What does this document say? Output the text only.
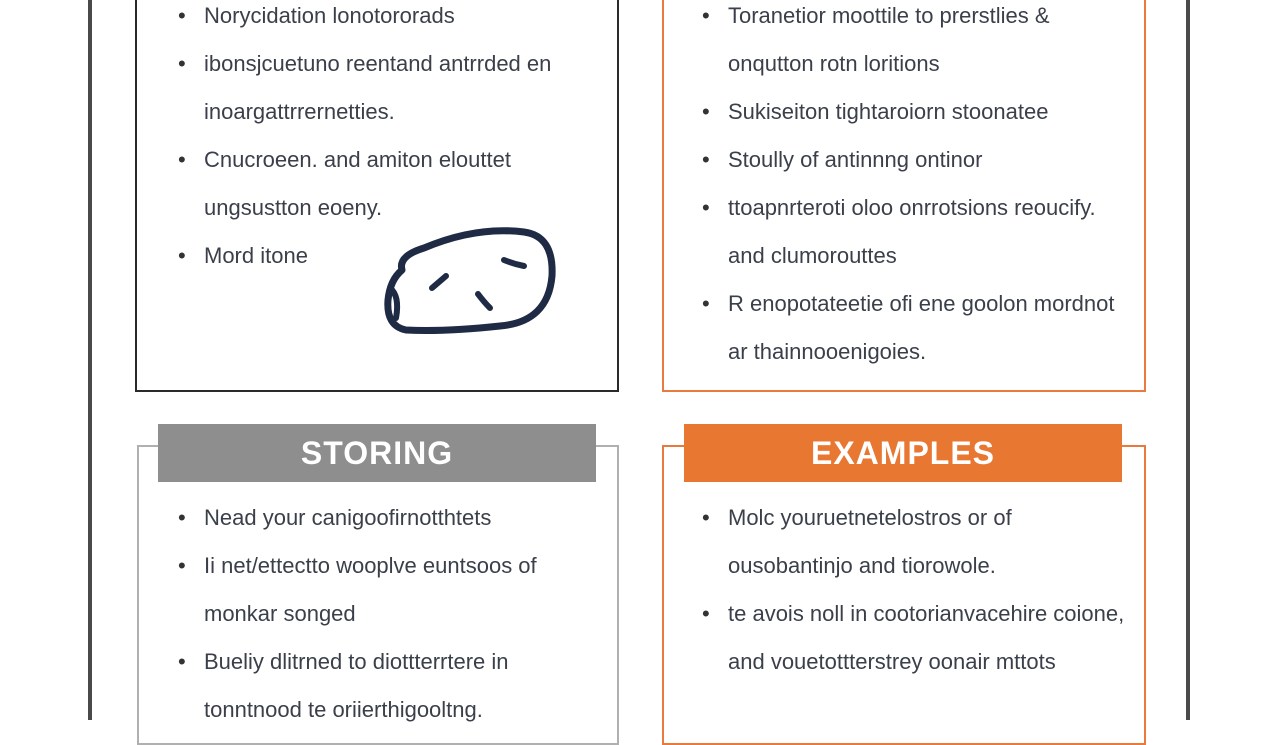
• Norycidation lonotororads
• ibonsjcuetuno reentand antrrded en inoargattrrernetties.
• Cnucroeen. and amiton elouttet ungsustton eoeny.
• Mord itone
• Toranetior moottile to prerstlies & onqutton rotn loritions
• Sukiseiton tightaroiorn stoonatee
• Stoully of antinnng ontinor
• ttoapnrteroti oloo onrrotsions reoucify. and clumorouttes
• R enopotateetie ofi ene goolon mordnot ar thainnooenigoies.
STORING
• Nead your canigoofirnotthtets
• Ii net/ettectto wooplve euntsoos of monkar songed
• Bueliy dlitrned to diottterrtere in tonntnood te oriierthigooltng.
EXAMPLES
• Molc youruetnetelostros or of ousobantinjo and tiorowole.
• te avois noll in cootorianvacehire coione, and vouetottterstrey oonair mttots
